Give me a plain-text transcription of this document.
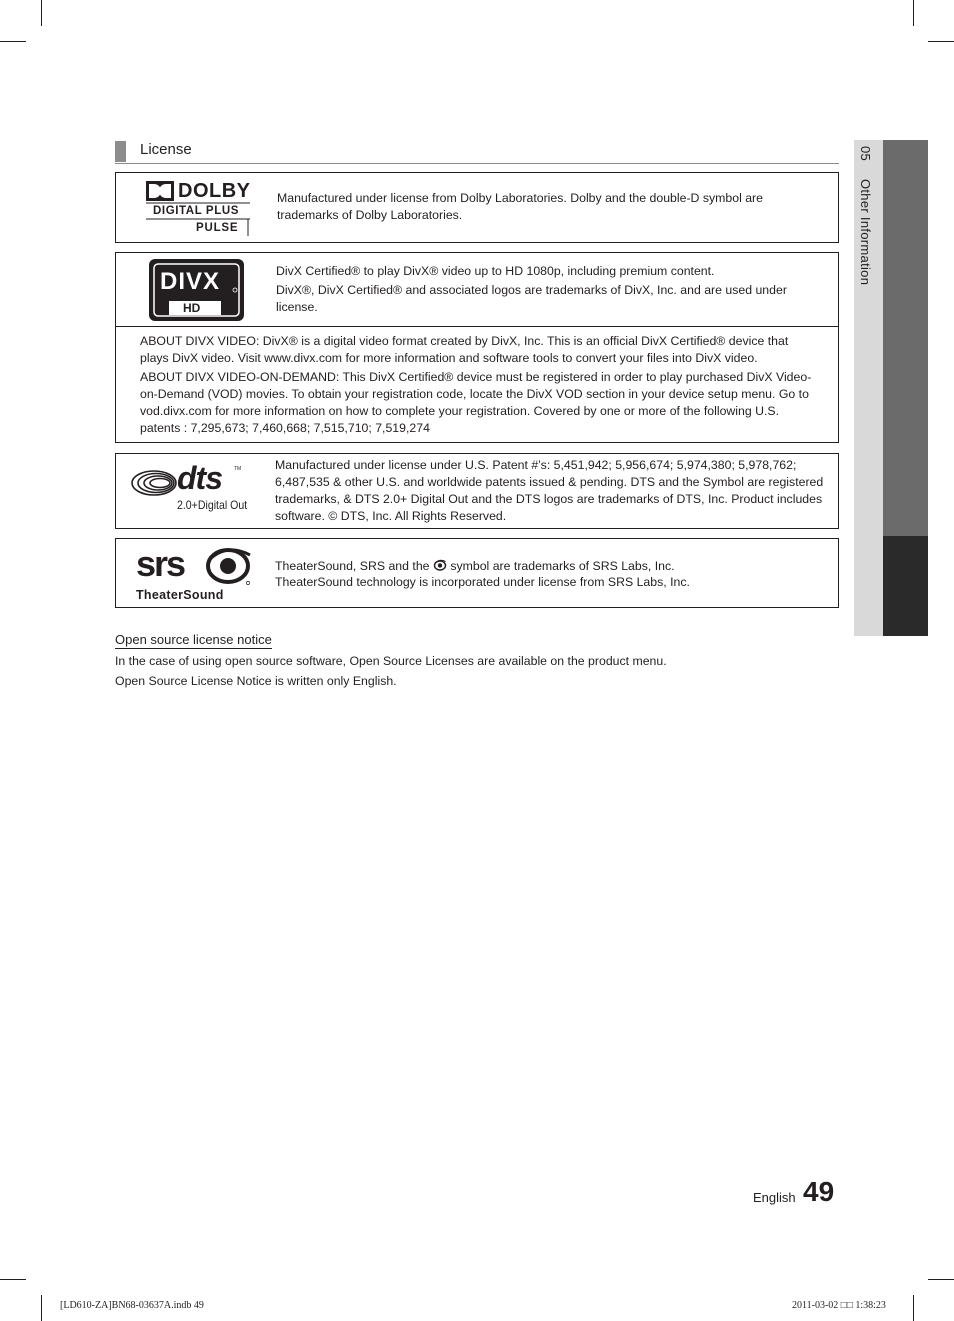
05 Other Information
License
DOLBY
DIGITAL PLUS
PULSE
Manufactured under license from Dolby Laboratories. Dolby and the double-D symbol are trademarks of Dolby Laboratories.
DIVX
HD
DivX Certified® to play DivX® video up to HD 1080p, including premium content.
DivX®, DivX Certified® and associated logos are trademarks of DivX, Inc. and are used under license.
ABOUT DIVX VIDEO: DivX® is a digital video format created by DivX, Inc. This is an official DivX Certified® device that plays DivX video. Visit www.divx.com for more information and software tools to convert your files into DivX video.
ABOUT DIVX VIDEO-ON-DEMAND: This DivX Certified® device must be registered in order to play purchased DivX Video-on-Demand (VOD) movies. To obtain your registration code, locate the DivX VOD section in your device setup menu. Go to vod.divx.com for more information on how to complete your registration. Covered by one or more of the following U.S. patents : 7,295,673; 7,460,668; 7,515,710; 7,519,274
dts TM
2.0+Digital Out
Manufactured under license under U.S. Patent #’s: 5,451,942; 5,956,674; 5,974,380; 5,978,762; 6,487,535 & other U.S. and worldwide patents issued & pending. DTS and the Symbol are registered trademarks, & DTS 2.0+ Digital Out and the DTS logos are trademarks of DTS, Inc. Product includes software. © DTS, Inc. All Rights Reserved.
srs
TheaterSound
TheaterSound, SRS and the symbol are trademarks of SRS Labs, Inc.
TheaterSound technology is incorporated under license from SRS Labs, Inc.
Open source license notice
In the case of using open source software, Open Source Licenses are available on the product menu.
Open Source License Notice is written only English.
English 49
[LD610-ZA]BN68-03637A.indb 49	2011-03-02 □□ 1:38:23
